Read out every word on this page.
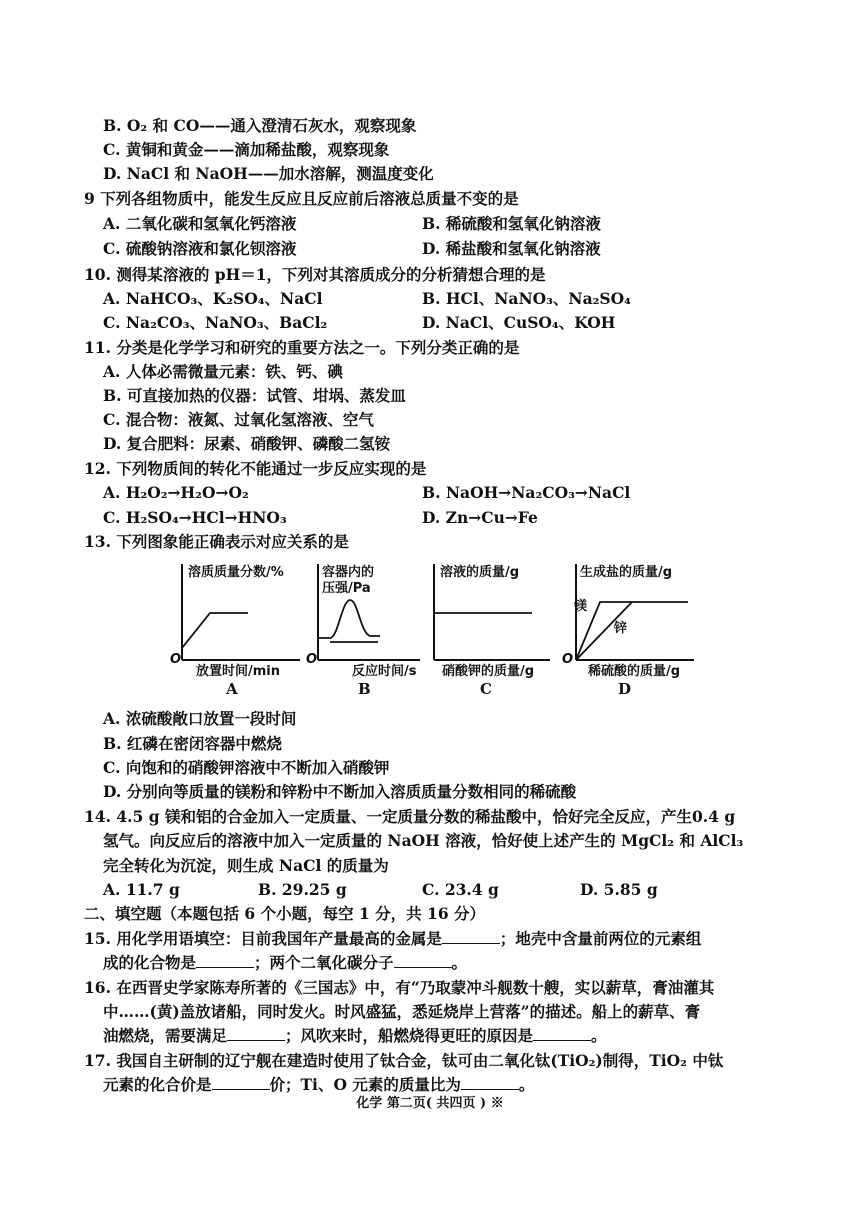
B. O₂ 和 CO——通入澄清石灰水，观察现象
C. 黄铜和黄金——滴加稀盐酸，观察现象
D. NaCl 和 NaOH——加水溶解，测温度变化
9 下列各组物质中，能发生反应且反应前后溶液总质量不变的是
A. 二氧化碳和氢氧化钙溶液	B. 稀硫酸和氢氧化钠溶液
C. 硫酸钠溶液和氯化钡溶液	D. 稀盐酸和氢氧化钠溶液
10. 测得某溶液的 pH＝1，下列对其溶质成分的分析猜想合理的是
A. NaHCO₃、K₂SO₄、NaCl	B. HCl、NaNO₃、Na₂SO₄
C. Na₂CO₃、NaNO₃、BaCl₂	D. NaCl、CuSO₄、KOH
11. 分类是化学学习和研究的重要方法之一。下列分类正确的是
A. 人体必需微量元素：铁、钙、碘
B. 可直接加热的仪器：试管、坩埚、蒸发皿
C. 混合物：液氮、过氧化氢溶液、空气
D. 复合肥料：尿素、硝酸钾、磷酸二氢铵
12. 下列物质间的转化不能通过一步反应实现的是
A. H₂O₂→H₂O→O₂	B. NaOH→Na₂CO₃→NaCl
C. H₂SO₄→HCl→HNO₃	D. Zn→Cu→Fe
13. 下列图象能正确表示对应关系的是
溶质质量分数/%
O
放置时间/min
A
容器内的
压强/Pa
O
反应时间/s
B
溶液的质量/g
硝酸钾的质量/g
C
生成盐的质量/g
镁
锌
O
稀硫酸的质量/g
D
A. 浓硫酸敞口放置一段时间
B. 红磷在密闭容器中燃烧
C. 向饱和的硝酸钾溶液中不断加入硝酸钾
D. 分别向等质量的镁粉和锌粉中不断加入溶质质量分数相同的稀硫酸
14. 4.5 g 镁和铝的合金加入一定质量、一定质量分数的稀盐酸中，恰好完全反应，产生0.4 g
氢气。向反应后的溶液中加入一定质量的 NaOH 溶液，恰好使上述产生的 MgCl₂ 和 AlCl₃
完全转化为沉淀，则生成 NaCl 的质量为
A. 11.7 g	B. 29.25 g	C. 23.4 g	D. 5.85 g
二、填空题（本题包括 6 个小题，每空 1 分，共 16 分）
15. 用化学用语填空：目前我国年产量最高的金属是	；地壳中含量前两位的元素组
成的化合物是	；两个二氧化碳分子	。
16. 在西晋史学家陈寿所著的《三国志》中，有“乃取蒙冲斗舰数十艘，实以薪草，膏油灌其
中……(黄)盖放诸船，同时发火。时风盛猛，悉延烧岸上营落”的描述。船上的薪草、膏
油燃烧，需要满足	；风吹来时，船燃烧得更旺的原因是	。
17. 我国自主研制的辽宁舰在建造时使用了钛合金，钛可由二氧化钛(TiO₂)制得，TiO₂ 中钛
元素的化合价是	价；Ti、O 元素的质量比为	。
化学 第二页( 共四页 ) ※
